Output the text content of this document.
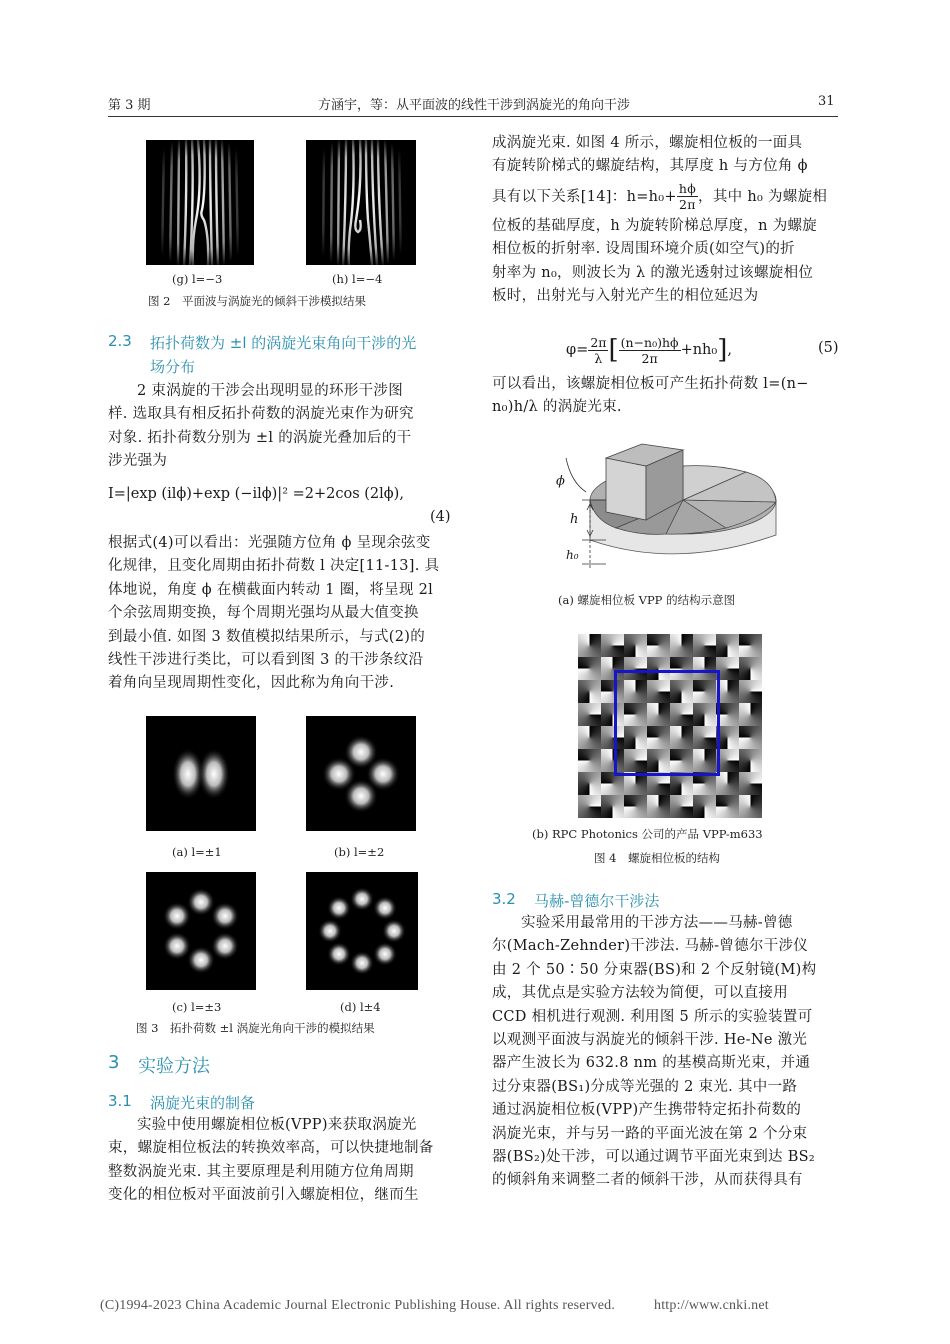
第 3 期	方涵宇，等：从平面波的线性干涉到涡旋光的角向干涉	31
(g) l=−3	(h) l=−4
图 2　平面波与涡旋光的倾斜干涉模拟结果
2.3 拓扑荷数为 ±l 的涡旋光束角向干涉的光
场分布
2 束涡旋的干涉会出现明显的环形干涉图
样. 选取具有相反拓扑荷数的涡旋光束作为研究
对象. 拓扑荷数分别为 ±l 的涡旋光叠加后的干
涉光强为
I=|exp (ilϕ)+exp (−ilϕ)|² =2+2cos (2lϕ),
(4)
根据式(4)可以看出：光强随方位角 ϕ 呈现余弦变
化规律，且变化周期由拓扑荷数 l 决定[11-13]. 具
体地说，角度 ϕ 在横截面内转动 1 圈，将呈现 2l
个余弦周期变换，每个周期光强均从最大值变换
到最小值. 如图 3 数值模拟结果所示，与式(2)的
线性干涉进行类比，可以看到图 3 的干涉条纹沿
着角向呈现周期性变化，因此称为角向干涉.
(a) l=±1	(b) l=±2
(c) l=±3	(d) l±4
图 3　拓扑荷数 ±l 涡旋光角向干涉的模拟结果
3 实验方法
3.1 涡旋光束的制备
实验中使用螺旋相位板(VPP)来获取涡旋光
束，螺旋相位板法的转换效率高，可以快捷地制备
整数涡旋光束. 其主要原理是利用随方位角周期
变化的相位板对平面波前引入螺旋相位，继而生
成涡旋光束. 如图 4 所示，螺旋相位板的一面具
有旋转阶梯式的螺旋结构，其厚度 h 与方位角 ϕ
具有以下关系[14]：$h=h_0+ \frac{h\phi}{2\pi}$ ，其中 h₀ 为螺旋相
位板的基础厚度，h 为旋转阶梯总厚度，n 为螺旋
相位板的折射率. 设周围环境介质(如空气)的折
射率为 n₀，则波长为 λ 的激光透射过该螺旋相位
板时，出射光与入射光产生的相位延迟为
$\varphi= \frac{2\pi}{\lambda}$ [ $\frac{\text{(n−n₀)hϕ}}{2\pi} +nh_0$],	(5)
可以看出，该螺旋相位板可产生拓扑荷数 l=(n−
n₀)h/λ 的涡旋光束.
ϕ
h
h₀
(a) 螺旋相位板 VPP 的结构示意图
(b) RPC Photonics 公司的产品 VPP-m633
图 4　螺旋相位板的结构
3.2 马赫-曾德尔干涉法
实验采用最常用的干涉方法——马赫-曾德
尔(Mach-Zehnder)干涉法. 马赫-曾德尔干涉仪
由 2 个 50∶50 分束器(BS)和 2 个反射镜(M)构
成，其优点是实验方法较为简便，可以直接用
CCD 相机进行观测. 利用图 5 所示的实验装置可
以观测平面波与涡旋光的倾斜干涉. He-Ne 激光
器产生波长为 632.8 nm 的基模高斯光束，并通
过分束器(BS₁)分成等光强的 2 束光. 其中一路
通过涡旋相位板(VPP)产生携带特定拓扑荷数的
涡旋光束，并与另一路的平面光波在第 2 个分束
器(BS₂)处干涉，可以通过调节平面光束到达 BS₂
的倾斜角来调整二者的倾斜干涉，从而获得具有
(C)1994-2023 China Academic Journal Electronic Publishing House. All rights reserved.	http://www.cnki.net
